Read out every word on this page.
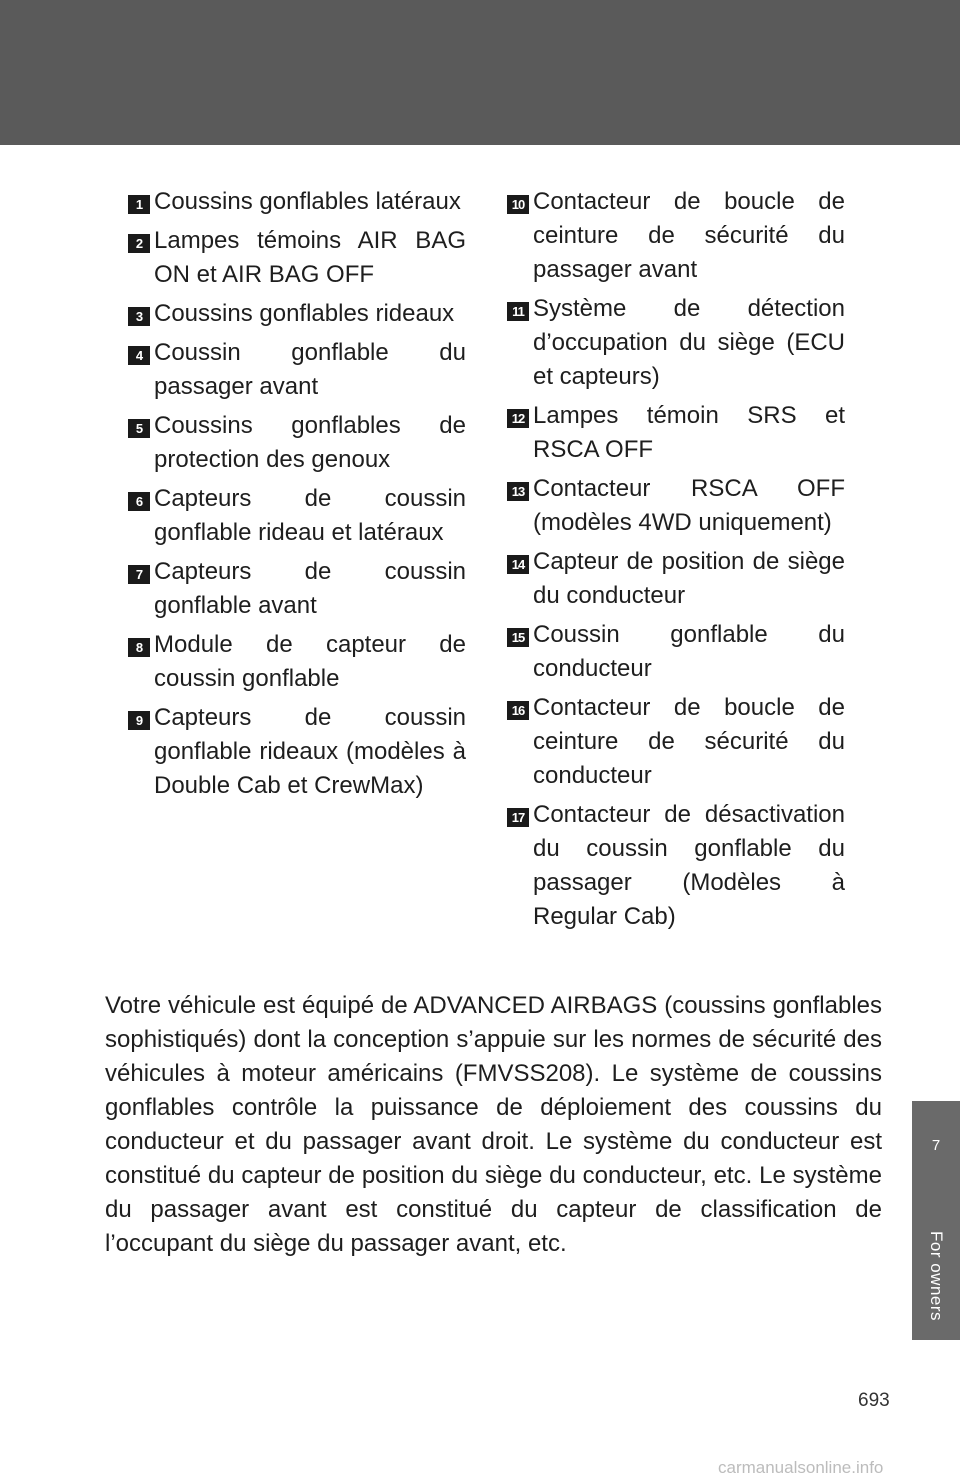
1 Coussins gonflables latéraux
2 Lampes témoins AIR BAG ON et AIR BAG OFF
3 Coussins gonflables rideaux
4 Coussin gonflable du passager avant
5 Coussins gonflables de protection des genoux
6 Capteurs de coussin gonflable rideau et latéraux
7 Capteurs de coussin gonflable avant
8 Module de capteur de coussin gonflable
9 Capteurs de coussin gonflable rideaux (modèles à Double Cab et CrewMax)
10 Contacteur de boucle de ceinture de sécurité du passager avant
11 Système de détection d’occupation du siège (ECU et capteurs)
12 Lampes témoin SRS et RSCA OFF
13 Contacteur RSCA OFF (modèles 4WD uniquement)
14 Capteur de position de siège du conducteur
15 Coussin gonflable du conducteur
16 Contacteur de boucle de ceinture de sécurité du conducteur
17 Contacteur de désactivation du coussin gonflable du passager (Modèles à Regular Cab)

Votre véhicule est équipé de ADVANCED AIRBAGS (coussins gonflables sophistiqués) dont la conception s’appuie sur les normes de sécurité des véhicules à moteur américains (FMVSS208). Le système de coussins gonflables contrôle la puissance de déploiement des coussins du conducteur et du passager avant droit. Le système du conducteur est constitué du capteur de position du siège du conducteur, etc. Le système du passager avant est constitué du capteur de classification de l’occupant du siège du passager avant, etc.

7
For owners
693
carmanualsonline.info
